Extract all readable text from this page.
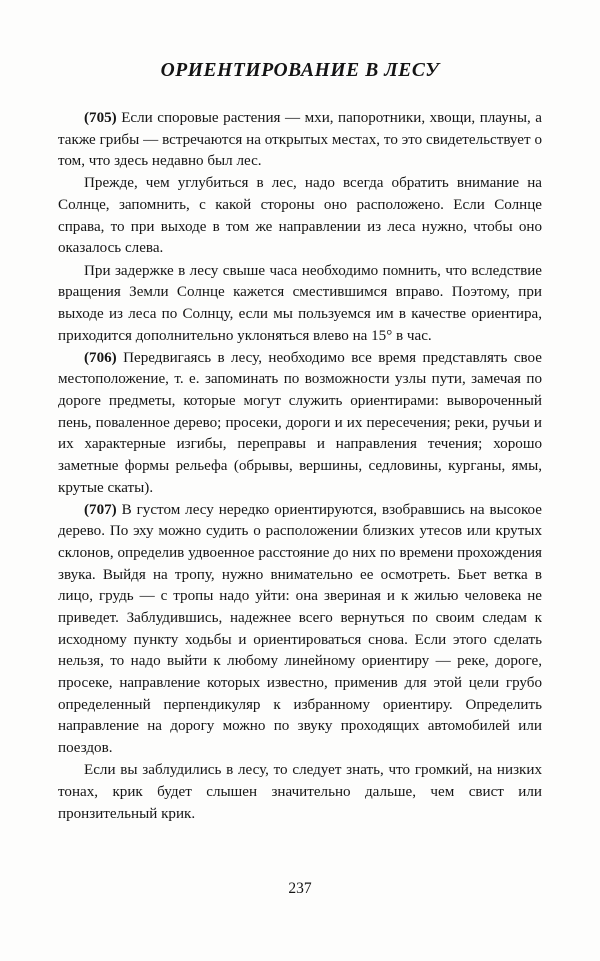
ОРИЕНТИРОВАНИЕ В ЛЕСУ

(705) Если споровые растения — мхи, папоротники, хвощи, плауны, а также грибы — встречаются на открытых местах, то это свидетельствует о том, что здесь недавно был лес.

Прежде, чем углубиться в лес, надо всегда обратить внимание на Солнце, запомнить, с какой стороны оно расположено. Если Солнце справа, то при выходе в том же направлении из леса нужно, чтобы оно оказалось слева.

При задержке в лесу свыше часа необходимо помнить, что вследствие вращения Земли Солнце кажется сместившимся вправо. Поэтому, при выходе из леса по Солнцу, если мы пользуемся им в качестве ориентира, приходится дополнительно уклоняться влево на 15° в час.

(706) Передвигаясь в лесу, необходимо все время представлять свое местоположение, т. е. запоминать по возможности узлы пути, замечая по дороге предметы, которые могут служить ориентирами: вывороченный пень, поваленное дерево; просеки, дороги и их пересечения; реки, ручьи и их характерные изгибы, переправы и направления течения; хорошо заметные формы рельефа (обрывы, вершины, седловины, курганы, ямы, крутые скаты).

(707) В густом лесу нередко ориентируются, взобравшись на высокое дерево. По эху можно судить о расположении близких утесов или крутых склонов, определив удвоенное расстояние до них по времени прохождения звука. Выйдя на тропу, нужно внимательно ее осмотреть. Бьет ветка в лицо, грудь — с тропы надо уйти: она звериная и к жилью человека не приведет. Заблудившись, надежнее всего вернуться по своим следам к исходному пункту ходьбы и ориентироваться снова. Если этого сделать нельзя, то надо выйти к любому линейному ориентиру — реке, дороге, просеке, направление которых известно, применив для этой цели грубо определенный перпендикуляр к избранному ориентиру. Определить направление на дорогу можно по звуку проходящих автомобилей или поездов.

Если вы заблудились в лесу, то следует знать, что громкий, на низких тонах, крик будет слышен значительно дальше, чем свист или пронзительный крик.

237
